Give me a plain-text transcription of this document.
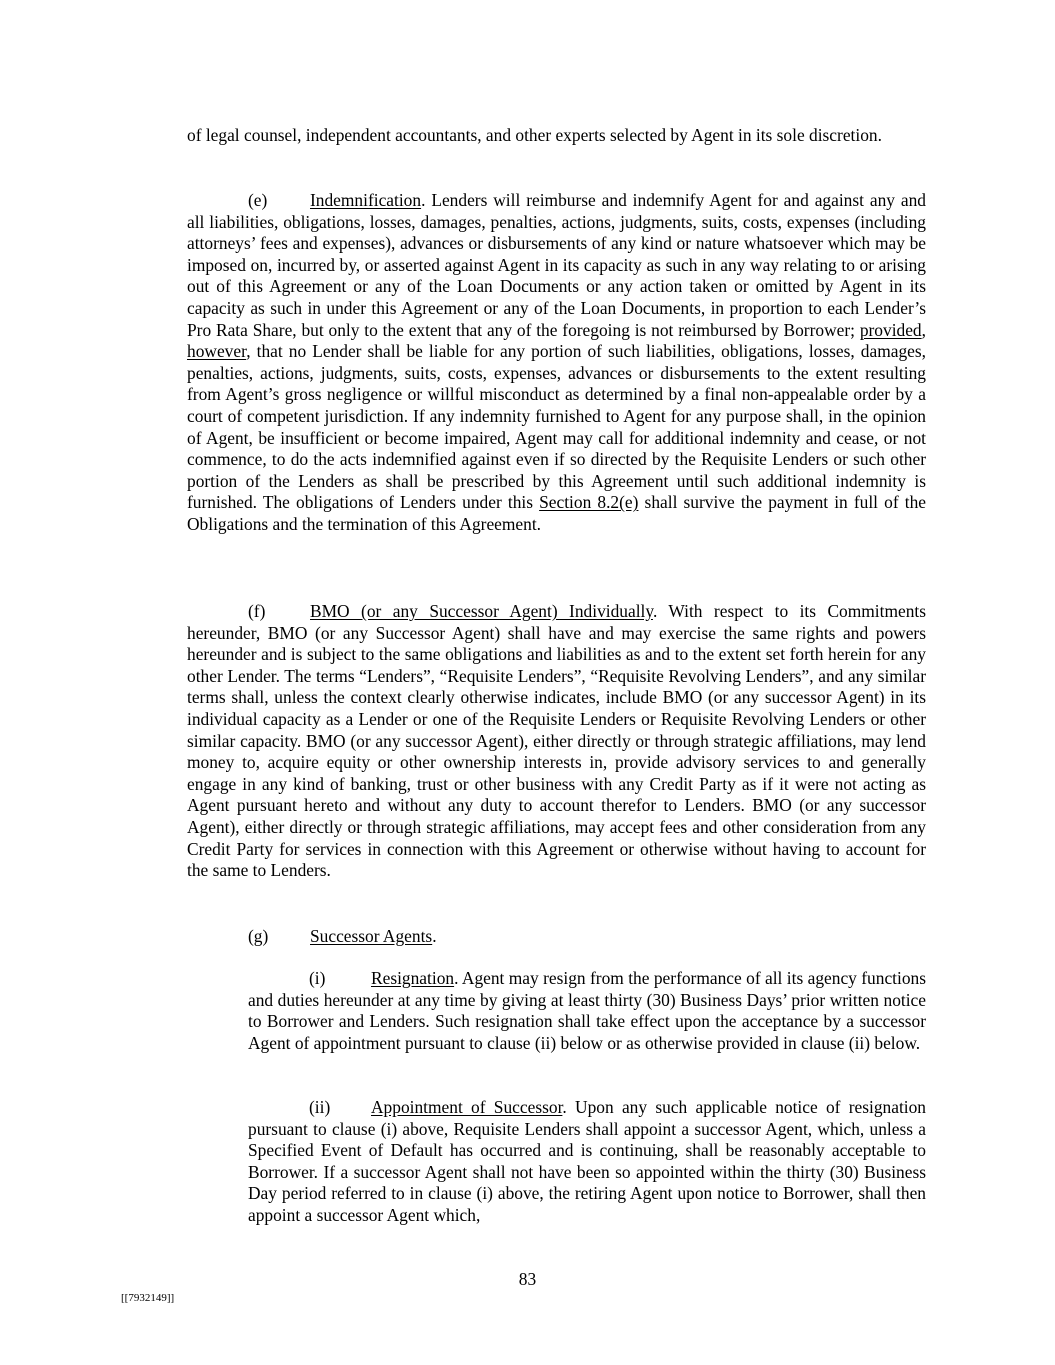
of legal counsel, independent accountants, and other experts selected by Agent in its sole discretion.

(e) Indemnification. Lenders will reimburse and indemnify Agent for and against any and all liabilities, obligations, losses, damages, penalties, actions, judgments, suits, costs, expenses (including attorneys’ fees and expenses), advances or disbursements of any kind or nature whatsoever which may be imposed on, incurred by, or asserted against Agent in its capacity as such in any way relating to or arising out of this Agreement or any of the Loan Documents or any action taken or omitted by Agent in its capacity as such in under this Agreement or any of the Loan Documents, in proportion to each Lender’s Pro Rata Share, but only to the extent that any of the foregoing is not reimbursed by Borrower; provided, however, that no Lender shall be liable for any portion of such liabilities, obligations, losses, damages, penalties, actions, judgments, suits, costs, expenses, advances or disbursements to the extent resulting from Agent’s gross negligence or willful misconduct as determined by a final non-appealable order by a court of competent jurisdiction. If any indemnity furnished to Agent for any purpose shall, in the opinion of Agent, be insufficient or become impaired, Agent may call for additional indemnity and cease, or not commence, to do the acts indemnified against even if so directed by the Requisite Lenders or such other portion of the Lenders as shall be prescribed by this Agreement until such additional indemnity is furnished. The obligations of Lenders under this Section 8.2(e) shall survive the payment in full of the Obligations and the termination of this Agreement.

(f)	BMO (or any Successor Agent) Individually. With respect to its Commitments hereunder, BMO (or any Successor Agent) shall have and may exercise the same rights and powers hereunder and is subject to the same obligations and liabilities as and to the extent set forth herein for any other Lender. The terms “Lenders”, “Requisite Lenders”, “Requisite Revolving Lenders”, and any similar terms shall, unless the context clearly otherwise indicates, include BMO (or any successor Agent) in its individual capacity as a Lender or one of the Requisite Lenders or Requisite Revolving Lenders or other similar capacity. BMO (or any successor Agent), either directly or through strategic affiliations, may lend money to, acquire equity or other ownership interests in, provide advisory services to and generally engage in any kind of banking, trust or other business with any Credit Party as if it were not acting as Agent pursuant hereto and without any duty to account therefor to Lenders. BMO (or any successor Agent), either directly or through strategic affiliations, may accept fees and other consideration from any Credit Party for services in connection with this Agreement or otherwise without having to account for the same to Lenders.

(g) Successor Agents.

(i)	Resignation. Agent may resign from the performance of all its agency functions and duties hereunder at any time by giving at least thirty (30) Business Days’ prior written notice to Borrower and Lenders. Such resignation shall take effect upon the acceptance by a successor Agent of appointment pursuant to clause (ii) below or as otherwise provided in clause (ii) below.

(ii) Appointment of Successor. Upon any such applicable notice of resignation pursuant to clause (i) above, Requisite Lenders shall appoint a successor Agent, which, unless a Specified Event of Default has occurred and is continuing, shall be reasonably acceptable to Borrower. If a successor Agent shall not have been so appointed within the thirty (30) Business Day period referred to in clause (i) above, the retiring Agent upon notice to Borrower, shall then appoint a successor Agent which,

83
[[7932149]]
